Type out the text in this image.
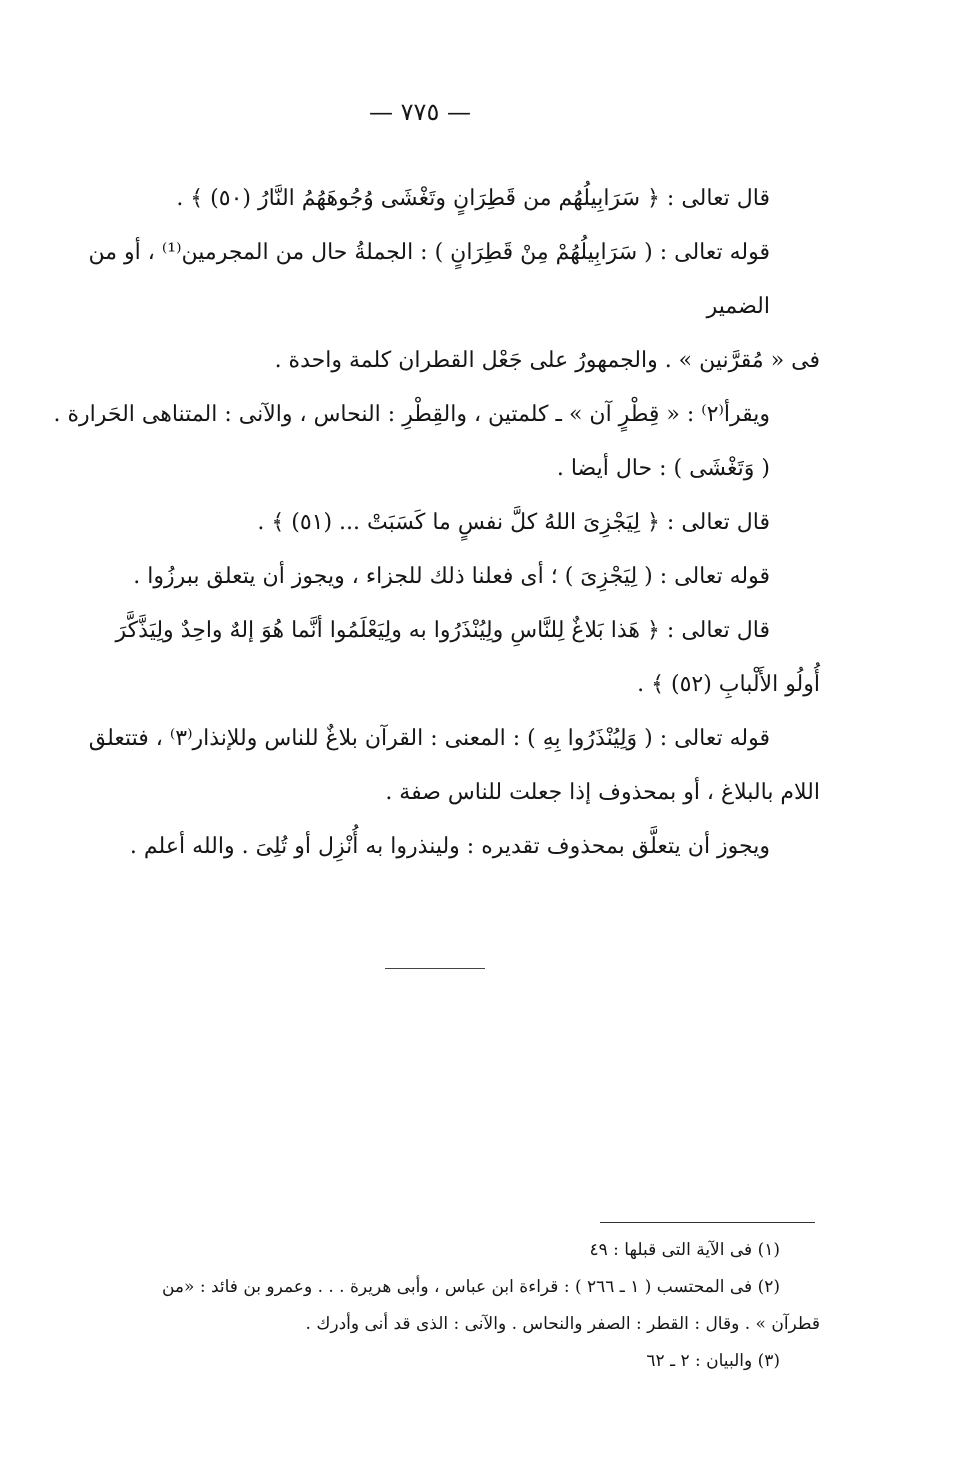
— ٧٧٥ —

قال تعالى : ﴿ سَرَابِيلُهُم من قَطِرَانٍ وتَغْشَى وُجُوهَهُمُ النَّارُ (٥٠) ﴾ .

قوله تعالى : ( سَرَابِيلُهُمْ مِنْ قَطِرَانٍ ) : الجملةُ حال من المجرمين⁽¹⁾ ، أو من الضمير

فى « مُقرَّنين » . والجمهورُ على جَعْل القطران كلمة واحدة .

ويقرأ⁽٢⁾ : « قِطْرٍ آن » ـ كلمتين ، والقِطْرِ : النحاس ، والآنى : المتناهى الحَرارة .

( وَتَغْشَى ) : حال أيضا .

قال تعالى : ﴿ لِيَجْزِىَ اللهُ كلَّ نفسٍ ما كَسَبَتْ ... (٥١) ﴾ .

قوله تعالى : ( لِيَجْزِىَ ) ؛ أى فعلنا ذلك للجزاء ، ويجوز أن يتعلق ببرزُوا .

قال تعالى : ﴿ هَذا بَلاغٌ لِلنَّاسِ ولِيُنْذَرُوا به ولِيَعْلَمُوا أنَّما هُوَ إلهٌ واحِدٌ ولِيَذَّكَّرَ

أُولُو الأَلْبابِ (٥٢) ﴾ .

قوله تعالى : ( وَلِيُنْذَرُوا بِهِ ) : المعنى : القرآن بلاغٌ للناس وللإنذار⁽٣⁾ ، فتتعلق

اللام بالبلاغ ، أو بمحذوف إذا جعلت للناس صفة .

ويجوز أن يتعلَّق بمحذوف تقديره : ولينذروا به أُنْزِل أو تُلِىَ . والله أعلم .

(١) فى الآية التى قبلها : ٤٩

(٢) فى المحتسب ( ١ ـ ٢٦٦ ) : قراءة ابن عباس ، وأبى هريرة . . . وعمرو بن فائد : «من

قطرآن » . وقال : القطر : الصفر والنحاس . والآنى : الذى قد أنى وأدرك .

(٣) والبيان : ٢ ـ ٦٢
